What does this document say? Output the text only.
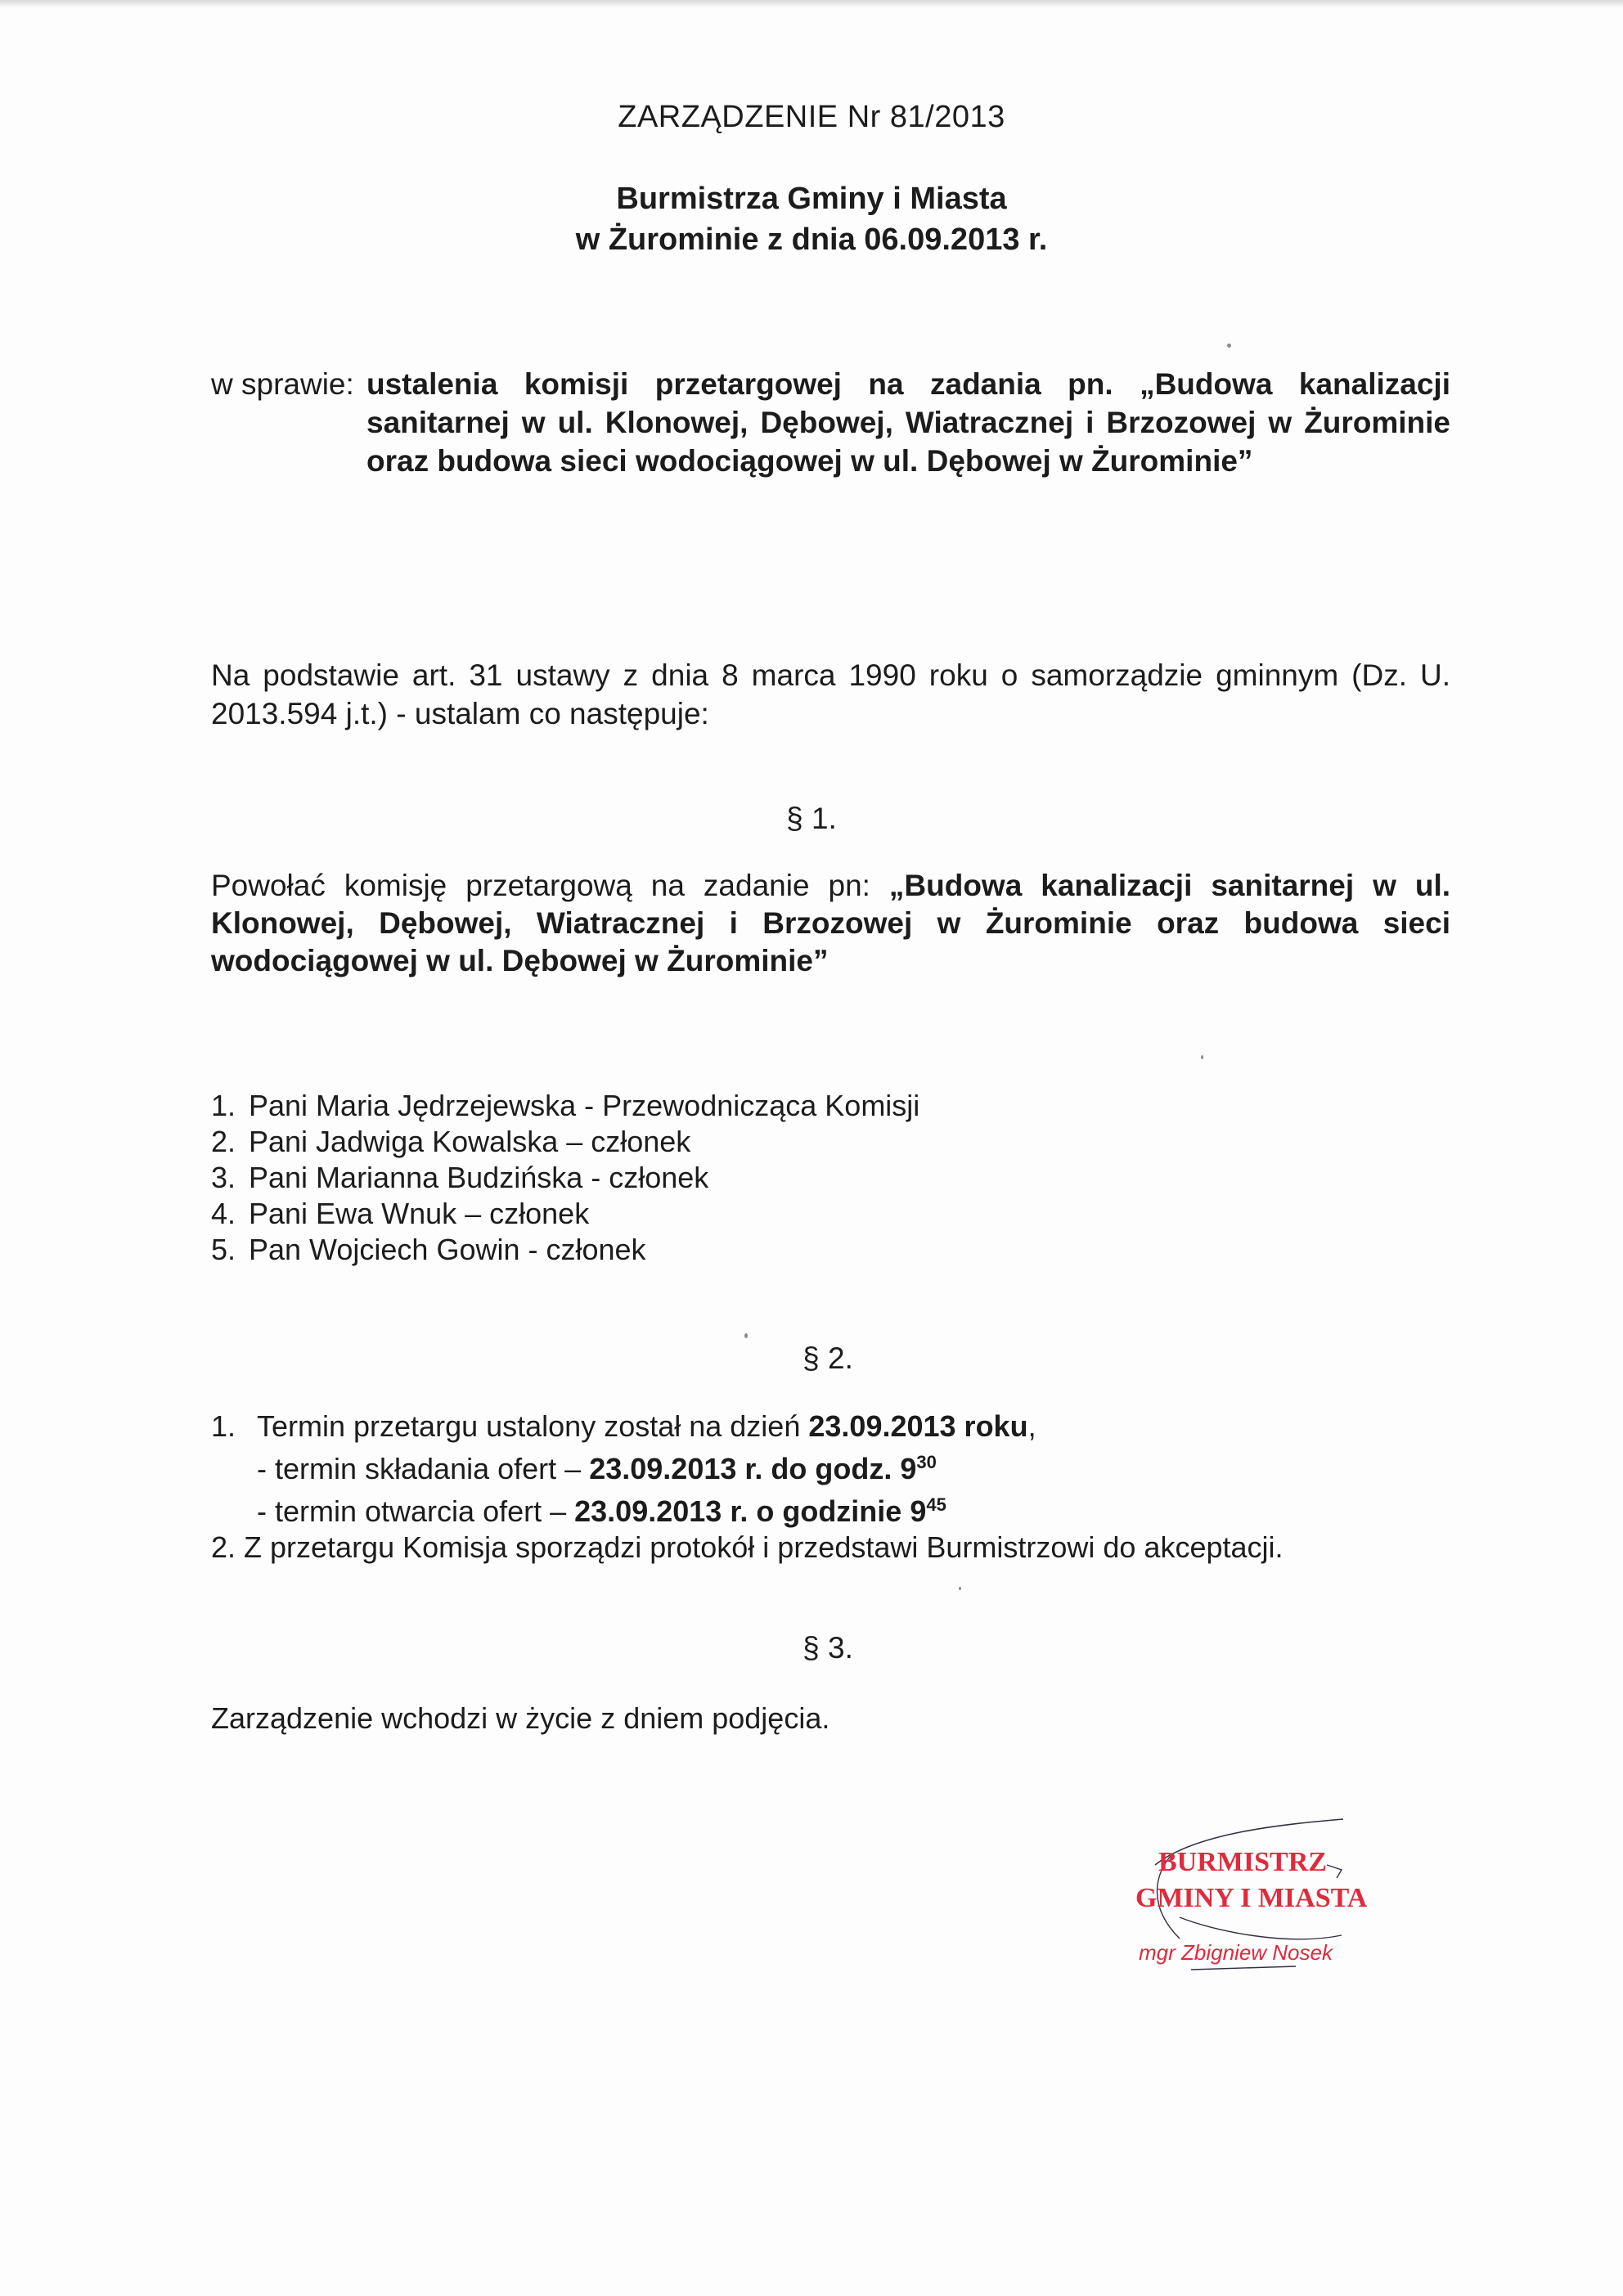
ZARZĄDZENIE Nr 81/2013
Burmistrza Gminy i Miasta
w Żurominie z dnia 06.09.2013 r.
w sprawie: ustalenia komisji przetargowej na zadania pn. „Budowa kanalizacji
sanitarnej w ul. Klonowej, Dębowej, Wiatracznej i Brzozowej w Żurominie
oraz budowa sieci wodociągowej w ul. Dębowej w Żurominie”
Na podstawie art. 31 ustawy z dnia 8 marca 1990 roku o samorządzie gminnym (Dz. U. 2013.594 j.t.) - ustalam co następuje:
§ 1.
Powołać komisję przetargową na zadanie pn: „Budowa kanalizacji sanitarnej w ul. Klonowej, Dębowej, Wiatracznej i Brzozowej w Żurominie oraz budowa sieci wodociągowej w ul. Dębowej w Żurominie”
1. Pani Maria Jędrzejewska - Przewodnicząca Komisji
2. Pani Jadwiga Kowalska – członek
3. Pani Marianna Budzińska - członek
4. Pani Ewa Wnuk – członek
5. Pan Wojciech Gowin - członek
§ 2.
1. Termin przetargu ustalony został na dzień 23.09.2013 roku,
- termin składania ofert – 23.09.2013 r. do godz. $9^{30}$
- termin otwarcia ofert – 23.09.2013 r. o godzinie $9^{45}$
2. Z przetargu Komisja sporządzi protokół i przedstawi Burmistrzowi do akceptacji.
§ 3.
Zarządzenie wchodzi w życie z dniem podjęcia.
BURMISTRZ
GMINY I MIASTA
mgr Zbigniew Nosek
